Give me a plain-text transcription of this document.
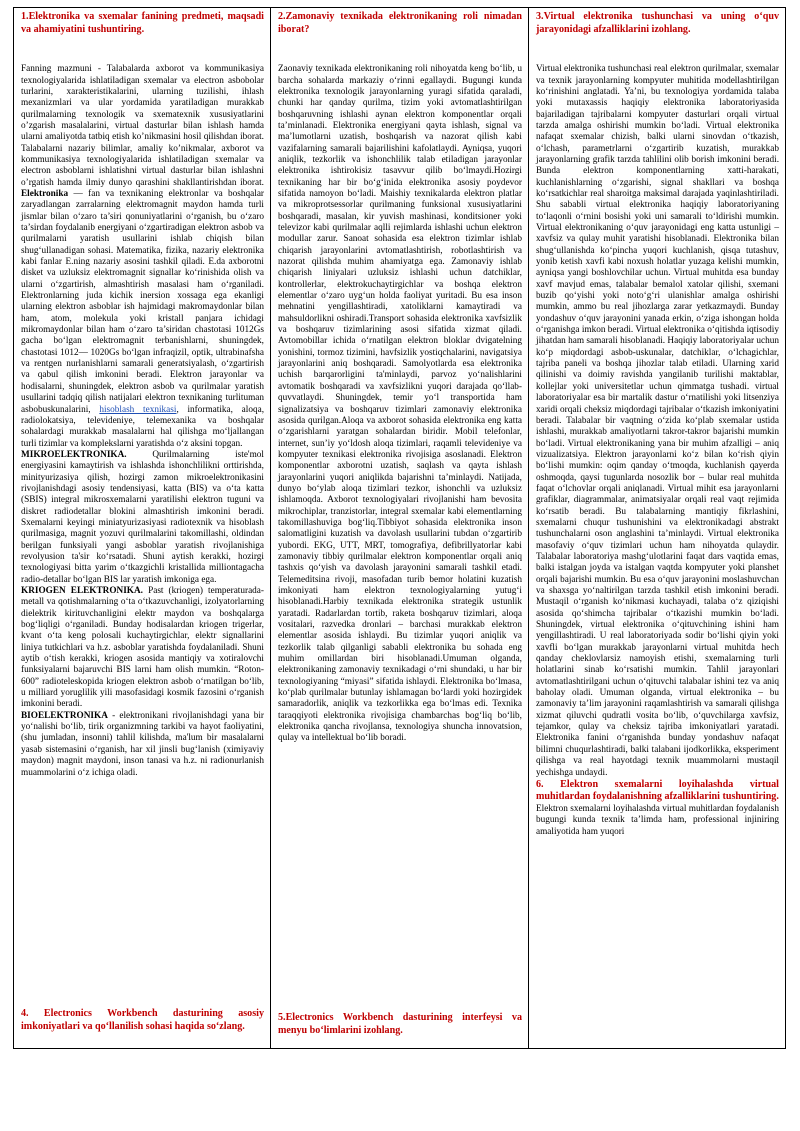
1.Elektronika va sxemalar fanining predmeti, maqsadi va ahamiyatini tushuntiring.

Fanning mazmuni - Talabalarda axborot va kommunikasiya texnologiyalarida ishlatiladigan sxemalar va electron asbobolar turlarini, xarakteristikalarini, ularning tuzilishi, ihlash mexanizmlari va ular yordamida yaratiladigan murakkab qurilmalarning texnologik va sxematexnik xususiyatlarini o’zgarish masalalarini, virtual dasturlar bilan ishlash hamda ularni amaliyotda tatbiq etish ko’nikmasini hosil qilishdan iborat. Talabalarni nazariy bilimlar, amaliy ko’nikmalar, axborot va kommunikasiya texnologiyalarida ishlatiladigan sxemalar va electron asboblarni ishlatishni virtual dasturlar bilan ishlashni o’rgatish hamda ilmiy dunyo qarashini shakllantirishdan iborat. Elektronika — fan va texnikaning elektronlar va boshqalar zaryadlangan zarralarning elektromagnit maydon hamda turli jismlar bilan o‘zaro ta’siri qonuniyatlarini o‘rganish, bu o‘zaro ta’sirdan foydalanib energiyani o‘zgartiradigan elektron asbob va qurilmalarni yaratish usullarini ishlab chiqish bilan shug‘ullanadigan sohasi. Matematika, fizika, nazariy elektronika kabi fanlar E.ning nazariy asosini tashkil qiladi. E.da axborotni disket va uzluksiz elektromagnit signallar ko‘rinishida olish va ularni o‘zgartirish, almashtirish masalasi ham o‘rganiladi. Elektronlarning juda kichik inersion xossaga ega ekanligi ularning elektron asboblar ish hajmidagi makromaydonlar bilan ham, atom, molekula yoki kristall panjara ichidagi mikromaydonlar bilan ham o‘zaro ta’siridan chastotasi 1012Gs gacha bo‘lgan elektromagnit terbanishlarni, shuningdek, chastotasi 1012— 1020Gs bo‘lgan infraqizil, optik, ultrabinafsha va rentgen nurlanishlarni samarali generatsiyalash, o‘zgartirish va qabul qilish imkonini beradi. Elektron jarayonlar va hodisalarni, shuningdek, elektron asbob va qurilmalar yaratish usullarini tadqiq qilish natijalari elektron texnikaning turlituman asbobuskunalarini, hisoblash texnikasi, informatika, aloqa, radiolokatsiya, televideniye, telemexanika va boshqalar sohalardagi murakkab masalalarni hal qilishga mo‘ljallangan turli tizimlar va komplekslarni yaratishda o‘z aksini topgan.
MIKROELEKTRONIKA.	Qurilmalarning iste'mol energiyasini kamaytirish va ishlashda ishonchlilikni orttirishda, minityurizasiya qilish, hozirgi zamon mikroelektronikasini rivojlanishdagi asosiy tendensiyasi, katta (BIS) va o‘ta katta (SBIS) integral mikrosxemalarni yaratilishi elektron tuguni va diskret radiodetallar blokini almashtirish imkonini beradi. Sxemalarni keyingi miniatyurizasiyasi radiotexnik va hisoblash qurilmasiga, magnit yozuvi qurilmalarini takomillashi, oldindan berilgan funksiyali yangi asboblar yaratish rivojlanishiga revolyusion ta'sir ko‘rsatadi. Shuni aytish kerakki, hozirgi texnologiyasi bitta yarim o‘tkazgichli kristallida milliontagacha radio-detallar bo‘lgan BIS lar yaratish imkoniga ega.
KRIOGEN ELEKTRONIKA. Past (kriogen) temperaturada-metall va qotishmalarning o‘ta o‘tkazuvchanligi, izolyatorlarning dielektrik kirituvchanligini elektr maydon va boshqalarga bog‘liqligi o‘rganiladi. Bunday hodisalardan kriogen trigerlar, kvant o‘ta keng polosali kuchaytirgichlar, elektr signallarini liniya tutkichlari va h.z. asboblar yaratishda foydalaniladi. Shuni aytib o‘tish kerakki, kriogen asosida mantiqiy va xotiralovchi funksiyalarni bajaruvchi BIS larni ham olish mumkin. “Roton-600” radioteleskopida kriogen elektron asbob o‘rnatilgan bo‘lib, u milliard yoruglilik yili masofasidagi kosmik fazosini o‘rganish imkonini beradi.
BIOELEKTRONIKA - elektronikani rivojlanishdagi yana bir yo‘nalishi bo‘lib, tirik organizmning tarkibi va hayot faoliyatini, (shu jumladan, insonni) tahlil kilishda, ma'lum bir masalalarni yasab sistemasini o‘rganish, har xil jinsli bug‘lanish (ximiyaviy maydon) magnit maydoni, inson tanasi va h.z. ni radionurlanish muammolarini o‘z ichiga oladi.

4. Electronics Workbench dasturining asosiy imkoniyatlari va qo‘llanilish sohasi haqida so‘zlang.

2.Zamonaviy texnikada elektronikaning roli nimadan iborat?

Zaonaviy texnikada elektronikaning roli nihoyatda keng bo‘lib, u barcha sohalarda markaziy o‘rinni egallaydi. Bugungi kunda elektronika texnologik jarayonlarning yuragi sifatida qaraladi, chunki har qanday qurilma, tizim yoki avtomatlashtirilgan boshqaruvning ishlashi aynan elektron komponentlar orqali ta’minlanadi. Elektronika energiyani qayta ishlash, signal va ma’lumotlarni uzatish, boshqarish va nazorat qilish kabi vazifalarning samarali bajarilishini kafolatlaydi. Ayniqsa, yuqori aniqlik, tezkorlik va ishonchlilik talab etiladigan jarayonlar elektronika ishtirokisiz tasavvur qilib bo‘lmaydi.Hozirgi texnikaning har bir bo‘g‘inida elektronika asosiy poydevor sifatida namoyon bo‘ladi. Maishiy texnikalarda elektron platlar va mikroprotsessorlar qurilmaning funksional xususiyatlarini boshqaradi, masalan, kir yuvish mashinasi, konditsioner yoki televizor kabi qurilmalar aqlli rejimlarda ishlashi uchun elektron modullar zarur. Sanoat sohasida esa elektron tizimlar ishlab chiqarish jarayonlarini avtomatlashtirish, robotlashtirish va nazorat qilishda muhim ahamiyatga ega. Zamonaviy ishlab chiqarish liniyalari uzluksiz ishlashi uchun datchiklar, kontrollerlar, elektrokuchaytirgichlar va boshqa elektron elementlar o‘zaro uyg‘un holda faoliyat yuritadi. Bu esa inson mehnatini yengillashtiradi, xatoliklarni kamaytiradi va mahsuldorlikni oshiradi.Transport sohasida elektronika xavfsizlik va boshqaruv tizimlarining asosi sifatida xizmat qiladi. Avtomobillar ichida o‘rnatilgan elektron bloklar dvigatelning yonishini, tormoz tizimini, havfsizlik yostiqchalarini, navigatsiya jarayonlarini aniq boshqaradi. Samolyotlarda esa elektronika uchish barqarorligini ta'minlaydi, parvoz yo‘nalishlarini avtomatik boshqaradi va xavfsizlikni yuqori darajada qo‘llab-quvvatlaydi. Shuningdek, temir yo‘l transportida ham signalizatsiya va boshqaruv tizimlari zamonaviy elektronika asosida qurilgan.Aloqa va axborot sohasida elektronika eng katta o‘zgarishlarni yaratgan sohalardan biridir. Mobil telefonlar, internet, sun’iy yo‘ldosh aloqa tizimlari, raqamli televideniye va kompyuter texnikasi elektronika rivojisiga asoslanadi. Elektron komponentlar axborotni uzatish, saqlash va qayta ishlash jarayonlarini yuqori aniqlikda bajarishni ta’minlaydi. Natijada, dunyo bo‘ylab aloqa tizimlari tezkor, ishonchli va uzluksiz ishlamoqda. Axborot texnologiyalari rivojlanishi ham bevosita mikrochiplar, tranzistorlar, integral sxemalar kabi elementlarning takomillashuviga bog‘liq.Tibbiyot sohasida elektronika inson salomatligini kuzatish va davolash usullarini tubdan o‘zgartirib yubordi. EKG, UTT, MRT, tomografiya, defibrillyatorlar kabi zamonaviy tibbiy qurilmalar elektron komponentlar orqali aniq tashxis qo‘yish va davolash jarayonini samarali tashkil etadi. Telemeditsina rivoji, masofadan turib bemor holatini kuzatish imkoniyati ham elektron texnologiyalarning yutug‘i hisoblanadi.Harbiy texnikada elektronika strategik ustunlik yaratadi. Radarlardan tortib, raketa boshqaruv tizimlari, aloqa vositalari, razvedka dronlari – barchasi murakkab elektron elementlar asosida ishlaydi. Bu tizimlar yuqori aniqlik va tezkorlik talab qilganligi sababli elektronika bu sohada eng muhim omillardan biri hisoblanadi.Umuman olganda, elektronikaning zamonaviy texnikadagi o‘rni shundaki, u har bir texnologiyaning “miyasi” sifatida ishlaydi. Elektronika bo‘lmasa, ko‘plab qurilmalar butunlay ishlamagan bo‘lardi yoki hozirgidek samaradorlik, aniqlik va tezkorlikka ega bo‘lmas edi. Texnika taraqqiyoti elektronika rivojisiga chambarchas bog‘liq bo‘lib, elektronika qancha rivojlansa, texnologiya shuncha innovatsion, qulay va intellektual bo‘lib boradi.

5.Electronics Workbench dasturining interfeysi va menyu bo‘limlarini izohlang.

3.Virtual elektronika tushunchasi va uning o‘quv jarayonidagi afzalliklarini izohlang.

Virtual elektronika tushunchasi real elektron qurilmalar, sxemalar va texnik jarayonlarning kompyuter muhitida modellashtirilgan ko‘rinishini anglatadi. Ya’ni, bu texnologiya yordamida talaba yoki mutaxassis haqiqiy elektronika laboratoriyasida bajariladigan tajribalarni kompyuter dasturlari orqali virtual tarzda amalga oshirishi mumkin bo‘ladi. Virtual elektronika nafaqat sxemalar chizish, balki ularni sinovdan o‘tkazish, o‘lchash, parametrlarni o‘zgartirib kuzatish, murakkab jarayonlarning grafik tarzda tahlilini olib borish imkonini beradi. Bunda elektron komponentlarning xatti-harakati, kuchlanishlarning o‘zgarishi, signal shakllari va boshqa ko‘rsatkichlar real sharoitga maksimal darajada yaqinlashtiriladi. Shu sababli virtual elektronika haqiqiy laboratoriyaning to‘laqonli o‘rnini bosishi yoki uni samarali to‘ldirishi mumkin. Virtual elektronikaning o‘quv jarayonidagi eng katta ustunligi – xavfsiz va qulay muhit yaratishi hisoblanadi. Elektronika bilan shug‘ullanishda ko‘pincha yuqori kuchlanish, qisqa tutashuv, yonib ketish xavfi kabi noxush holatlar yuzaga kelishi mumkin, ayniqsa yangi boshlovchilar uchun. Virtual muhitda esa bunday xavf mavjud emas, talabalar bemalol xatolar qilishi, sxemani buzib qo‘yishi yoki noto‘g‘ri ulanishlar amalga oshirishi mumkin, ammo bu real jihozlarga zarar yetkazmaydi. Bunday yondashuv o‘quv jarayonini yanada erkin, o‘ziga ishongan holda o‘rganishga imkon beradi. Virtual elektronika o‘qitishda iqtisodiy jihatdan ham samarali hisoblanadi. Haqiqiy laboratoriyalar uchun ko‘p miqdordagi asbob-uskunalar, datchiklar, o‘lchagichlar, tajriba paneli va boshqa jihozlar talab etiladi. Ularning xarid qilinishi va doimiy ravishda yangilanib turilishi maktablar, kollejlar yoki universitetlar uchun qimmatga tushadi. virtual laboratoriyalar esa bir martalik dastur o‘rnatilishi yoki litsenziya xaridi orqali cheksiz miqdordagi tajribalar o‘tkazish imkoniyatini beradi. Talabalar bir vaqtning o‘zida ko‘plab sxemalar ustida ishlashi, murakkab amaliyotlarni takror-takror bajarishi mumkin bo‘ladi. Virtual elektronikaning yana bir muhim afzalligi – aniq vizualizatsiya. Elektron jarayonlarni ko‘z bilan ko‘rish qiyin bo‘lishi mumkin: oqim qanday o‘tmoqda, kuchlanish qayerda oshmoqda, qaysi tugunlarda nosozlik bor – bular real muhitda faqat o‘lchovlar orqali aniqlanadi. Virtual mihit esa jarayonlarni grafiklar, diagrammalar, animatsiyalar orqali real vaqt rejimida ko‘rsatib beradi. Bu talabalarning mantiqiy fikrlashini, sxemalarni chuqur tushunishini va elektronikadagi abstrakt tushunchalarni oson anglashini ta’minlaydi. Virtual elektronika masofaviy o‘quv tizimlari uchun ham nihoyatda qulaydir. Talabalar laboratoriya mashg‘ulotlarini faqat dars vaqtida emas, balki istalgan joyda va istalgan vaqtda kompyuter yoki planshet orqali bajarishi mumkin. Bu esa o‘quv jarayonini moslashuvchan va shaxsga yo‘naltirilgan tarzda tashkil etish imkonini beradi. Mustaqil o‘rganish ko‘nikmasi kuchayadi, talaba o‘z qiziqishi asosida qo‘shimcha tajribalar o‘tkazishi mumkin bo‘ladi. Shuningdek, virtual elektronika o‘qituvchining ishini ham yengillashtiradi. U real laboratoriyada sodir bo‘lishi qiyin yoki xavfli bo‘lgan murakkab jarayonlarni virtual muhitda hech qanday cheklovlarsiz namoyish etishi, sxemalarning turli holatlarini sinab ko‘rsatishi mumkin. Tahlil jarayonlari avtomatlashtirilgani uchun o‘qituvchi talabalar ishini tez va aniq baholay oladi. Umuman olganda, virtual elektronika – bu zamonaviy ta’lim jarayonini raqamlashtirish va samarali qilishga xizmat qiluvchi qudratli vosita bo‘lib, o‘quvchilarga xavfsiz, tejamkor, qulay va cheksiz tajriba imkoniyatlari yaratadi. Elektronika fanini o‘rganishda bunday yondashuv nafaqat bilimni chuqurlashtiradi, balki talabani ijodkorlikka, eksperiment qilishga va real hayotdagi texnik muammolarni mustaqil yechishga undaydi.

6. Elektron sxemalarni loyihalashda virtual muhitlardan foydalanishning afzalliklarini tushuntiring.

Elektron sxemalarni loyihalashda virtual muhitlardan foydalanish bugungi kunda texnik ta’limda ham, professional injiniring amaliyotida ham yuqori
